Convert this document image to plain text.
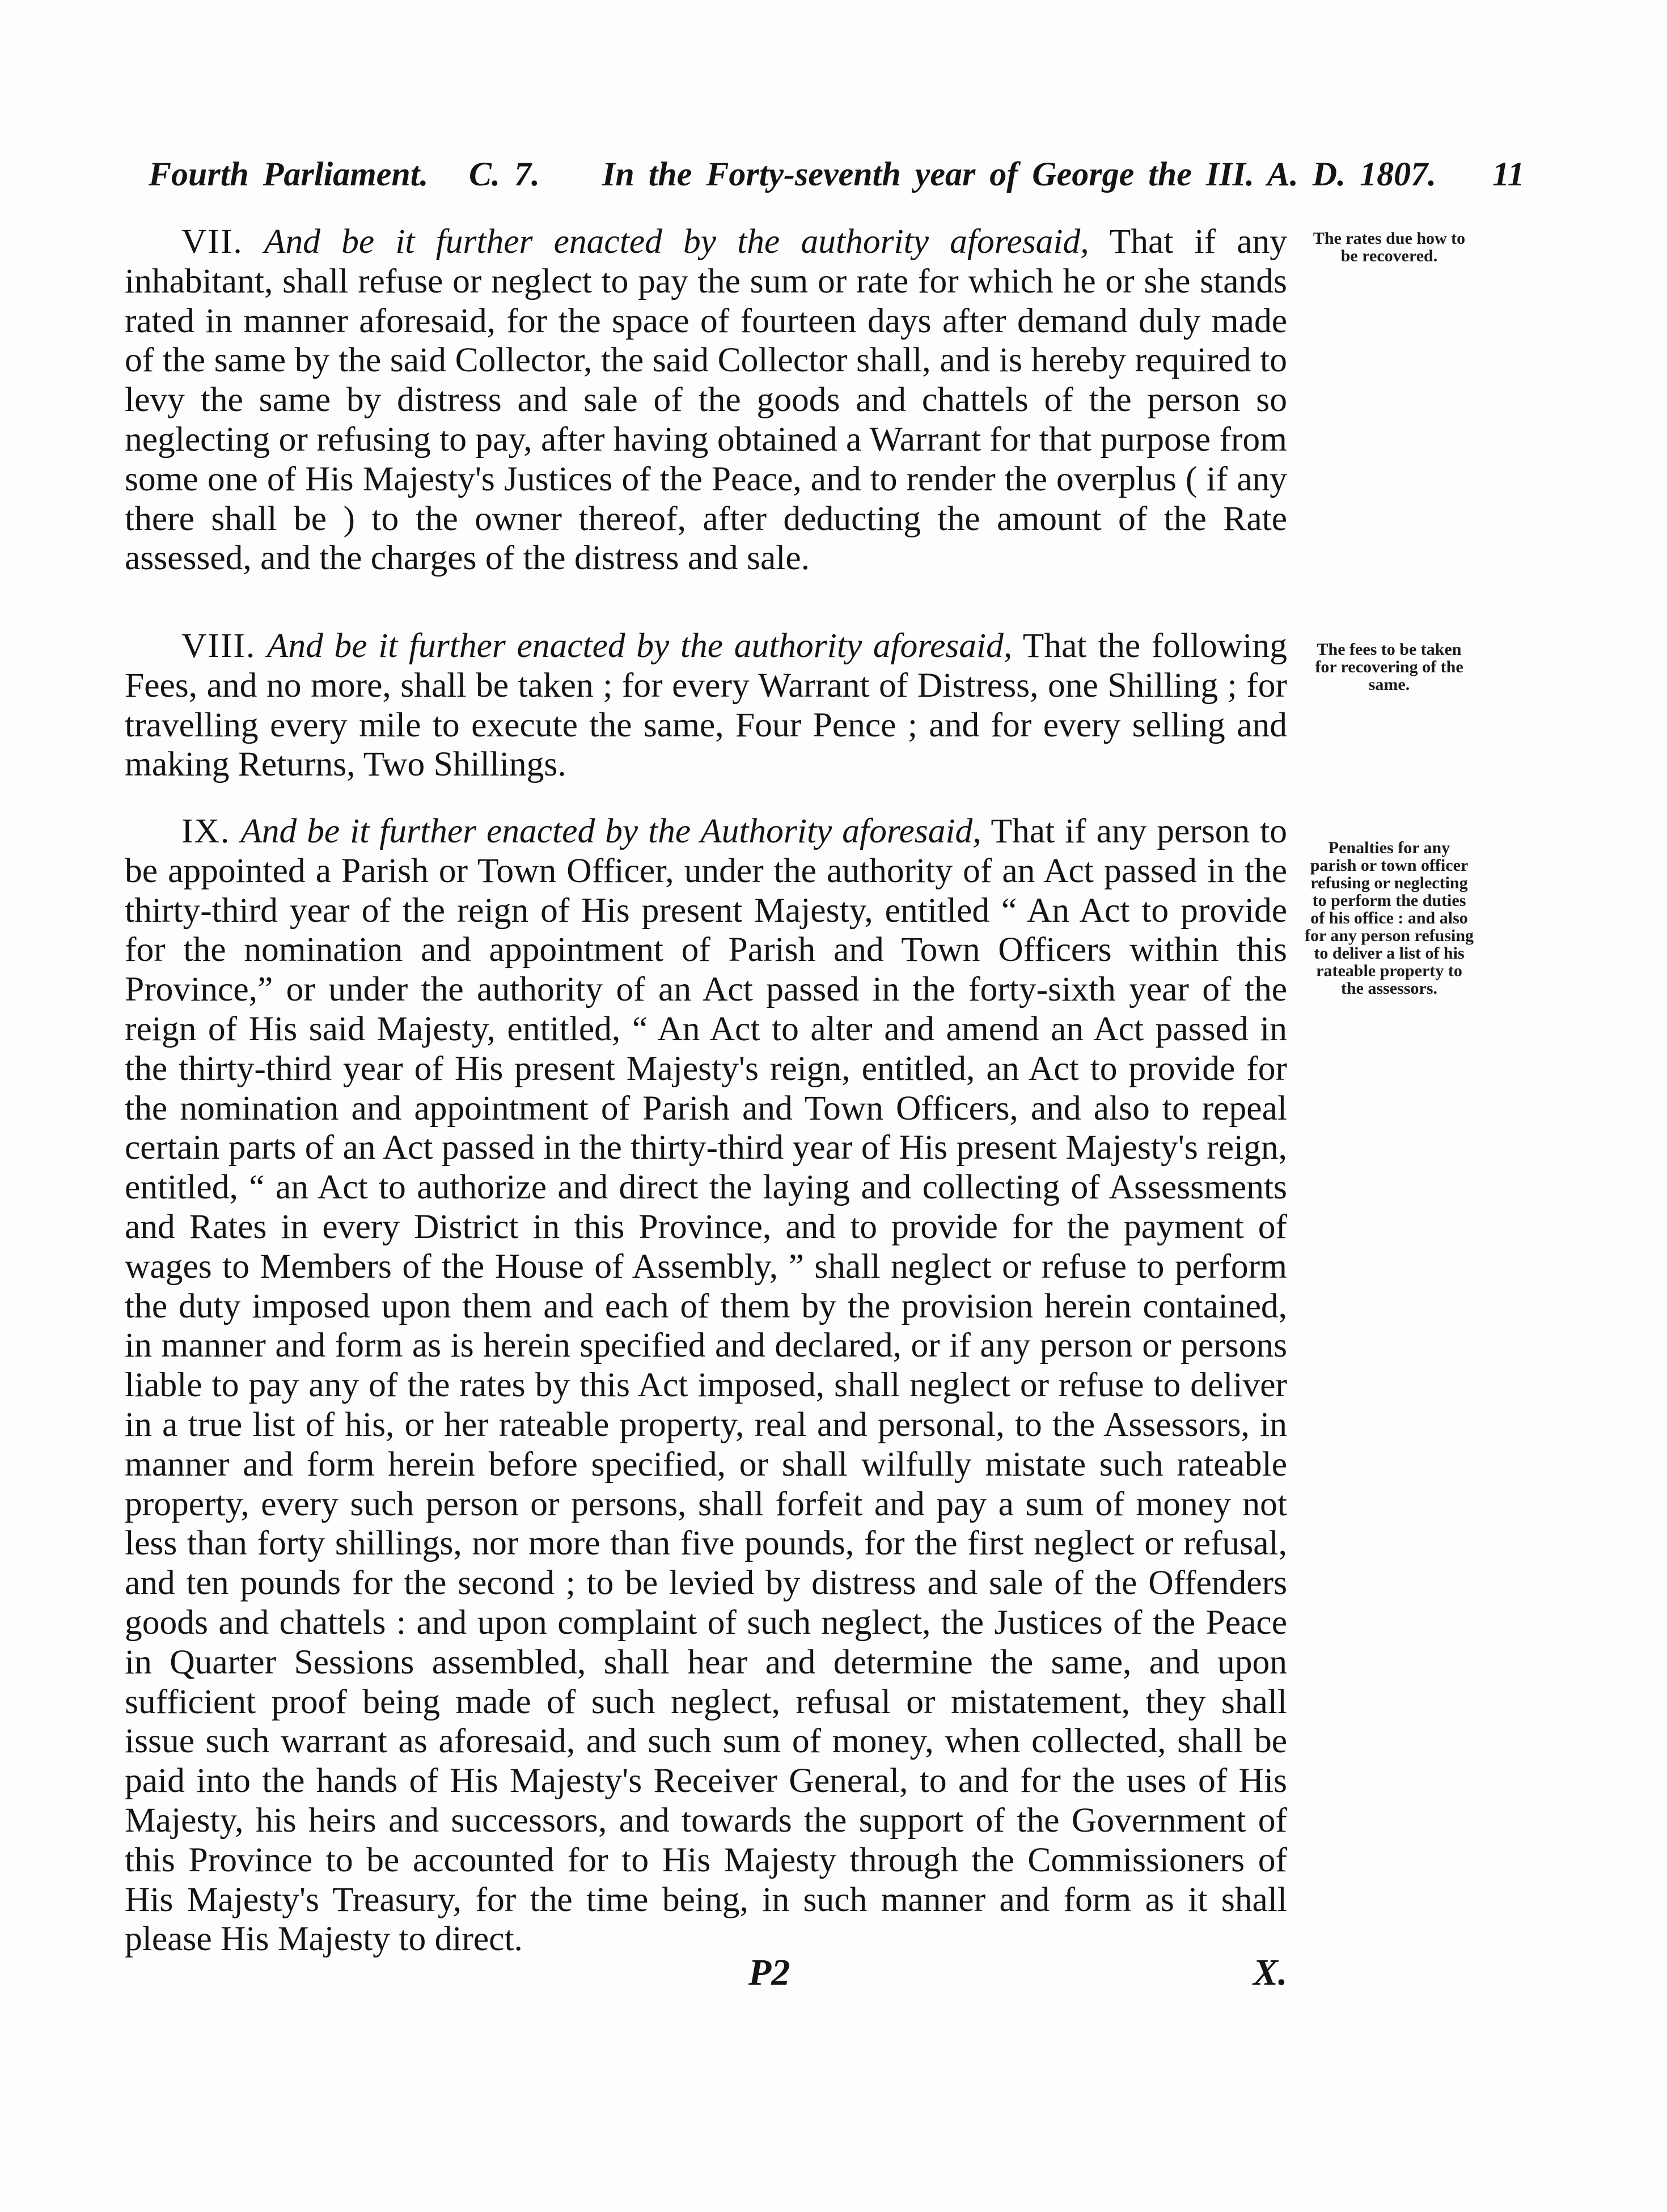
Fourth Parliament. C. 7. In the Forty-seventh year of George the III. A. D. 1807. 11

VII. And be it further enacted by the authority aforesaid, That if any inhabitant, shall refuse or neglect to pay the sum or rate for which he or she stands rated in manner aforesaid, for the space of fourteen days after demand duly made of the same by the said Collector, the said Collector shall, and is hereby required to levy the same by distress and sale of the goods and chattels of the person so neglecting or refusing to pay, after having obtained a Warrant for that purpose from some one of His Majesty's Justices of the Peace, and to render the overplus ( if any there shall be ) to the owner thereof, after deducting the amount of the Rate assessed, and the charges of the distress and sale.

VIII. And be it further enacted by the authority aforesaid, That the following Fees, and no more, shall be taken ; for every Warrant of Distress, one Shilling ; for travelling every mile to execute the same, Four Pence ; and for every selling and making Returns, Two Shillings.

IX. And be it further enacted by the Authority aforesaid, That if any person to be appointed a Parish or Town Officer, under the authority of an Act passed in the thirty-third year of the reign of His present Majesty, entitled “ An Act to provide for the nomination and appointment of Parish and Town Officers within this Province,” or under the authority of an Act passed in the forty-sixth year of the reign of His said Majesty, entitled, “ An Act to alter and amend an Act passed in the thirty-third year of His present Majesty's reign, entitled, an Act to provide for the nomination and appointment of Parish and Town Officers, and also to repeal certain parts of an Act passed in the thirty-third year of His present Majesty's reign, entitled, “ an Act to authorize and direct the laying and collecting of Assessments and Rates in every District in this Province, and to provide for the payment of wages to Members of the House of Assembly, ” shall neglect or refuse to perform the duty imposed upon them and each of them by the provision herein contained, in manner and form as is herein specified and declared, or if any person or persons liable to pay any of the rates by this Act imposed, shall neglect or refuse to deliver in a true list of his, or her rateable property, real and personal, to the Assessors, in manner and form herein before specified, or shall wilfully mistate such rateable property, every such person or persons, shall forfeit and pay a sum of money not less than forty shillings, nor more than five pounds, for the first neglect or refusal, and ten pounds for the second ; to be levied by distress and sale of the Offenders goods and chattels : and upon complaint of such neglect, the Justices of the Peace in Quarter Sessions assembled, shall hear and determine the same, and upon sufficient proof being made of such neglect, refusal or mistatement, they shall issue such warrant as aforesaid, and such sum of money, when collected, shall be paid into the hands of His Majesty's Receiver General, to and for the uses of His Majesty, his heirs and successors, and towards the support of the Government of this Province to be accounted for to His Majesty through the Commissioners of His Majesty's Treasury, for the time being, in such manner and form as it shall please His Majesty to direct.

The rates due how to be recovered.
The fees to be taken for recovering of the same.
Penalties for any parish or town officer refusing or neglecting to perform the duties of his office : and also for any person refusing to deliver a list of his rateable property to the assessors.
P2	X.
